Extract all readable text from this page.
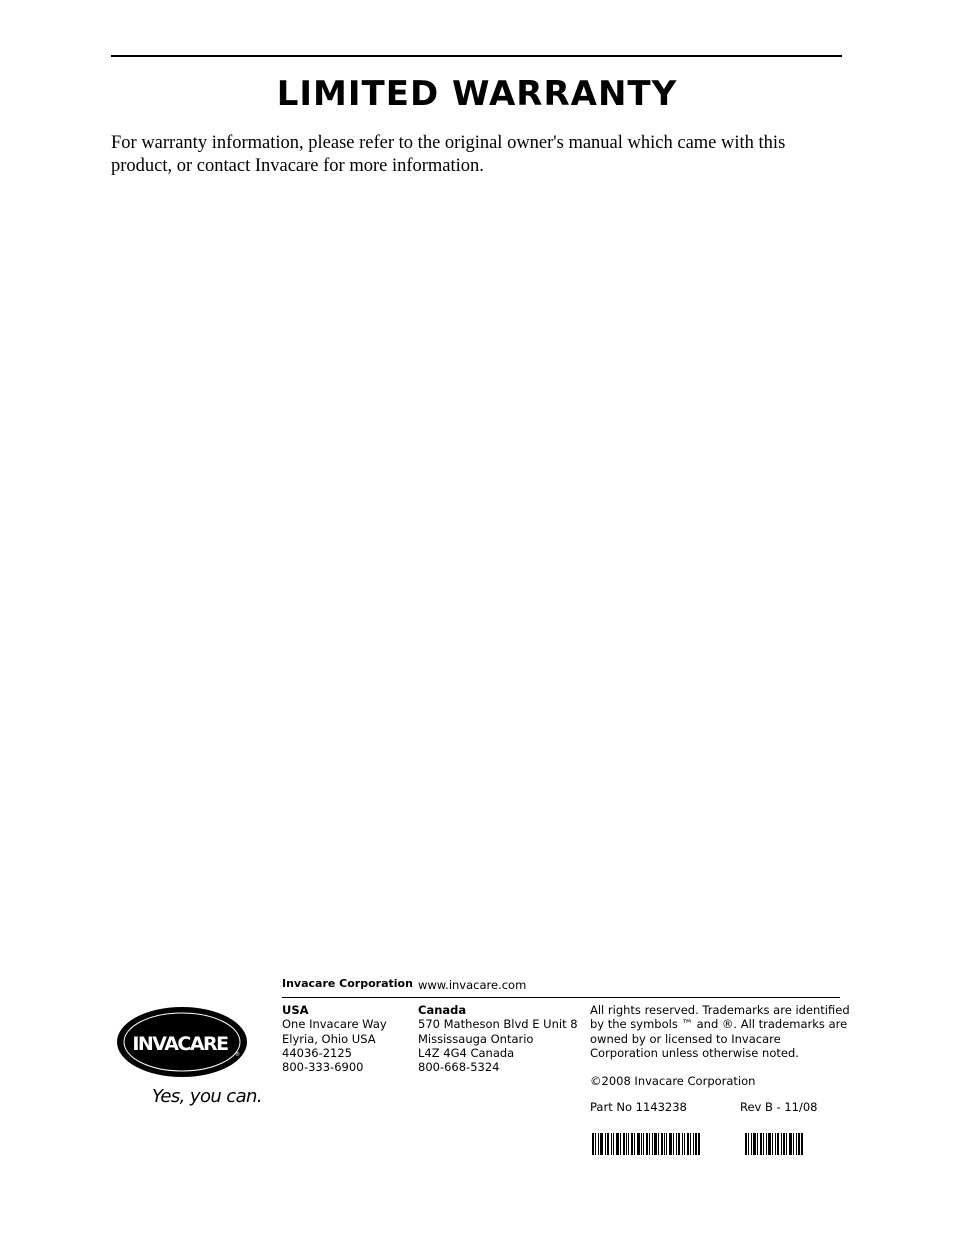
LIMITED WARRANTY

For warranty information, please refer to the original owner's manual which came with this product, or contact Invacare for more information.

Invacare Corporation www.invacare.com
USA
One Invacare Way
Elyria, Ohio USA
44036-2125
800-333-6900
Canada
570 Matheson Blvd E Unit 8
Mississauga Ontario
L4Z 4G4 Canada
800-668-5324
All rights reserved. Trademarks are identified
by the symbols ™ and ®. All trademarks are
owned by or licensed to Invacare
Corporation unless otherwise noted.
©2008 Invacare Corporation
Part No 1143238	Rev B - 11/08
INVACARE ®
Yes, you can.
